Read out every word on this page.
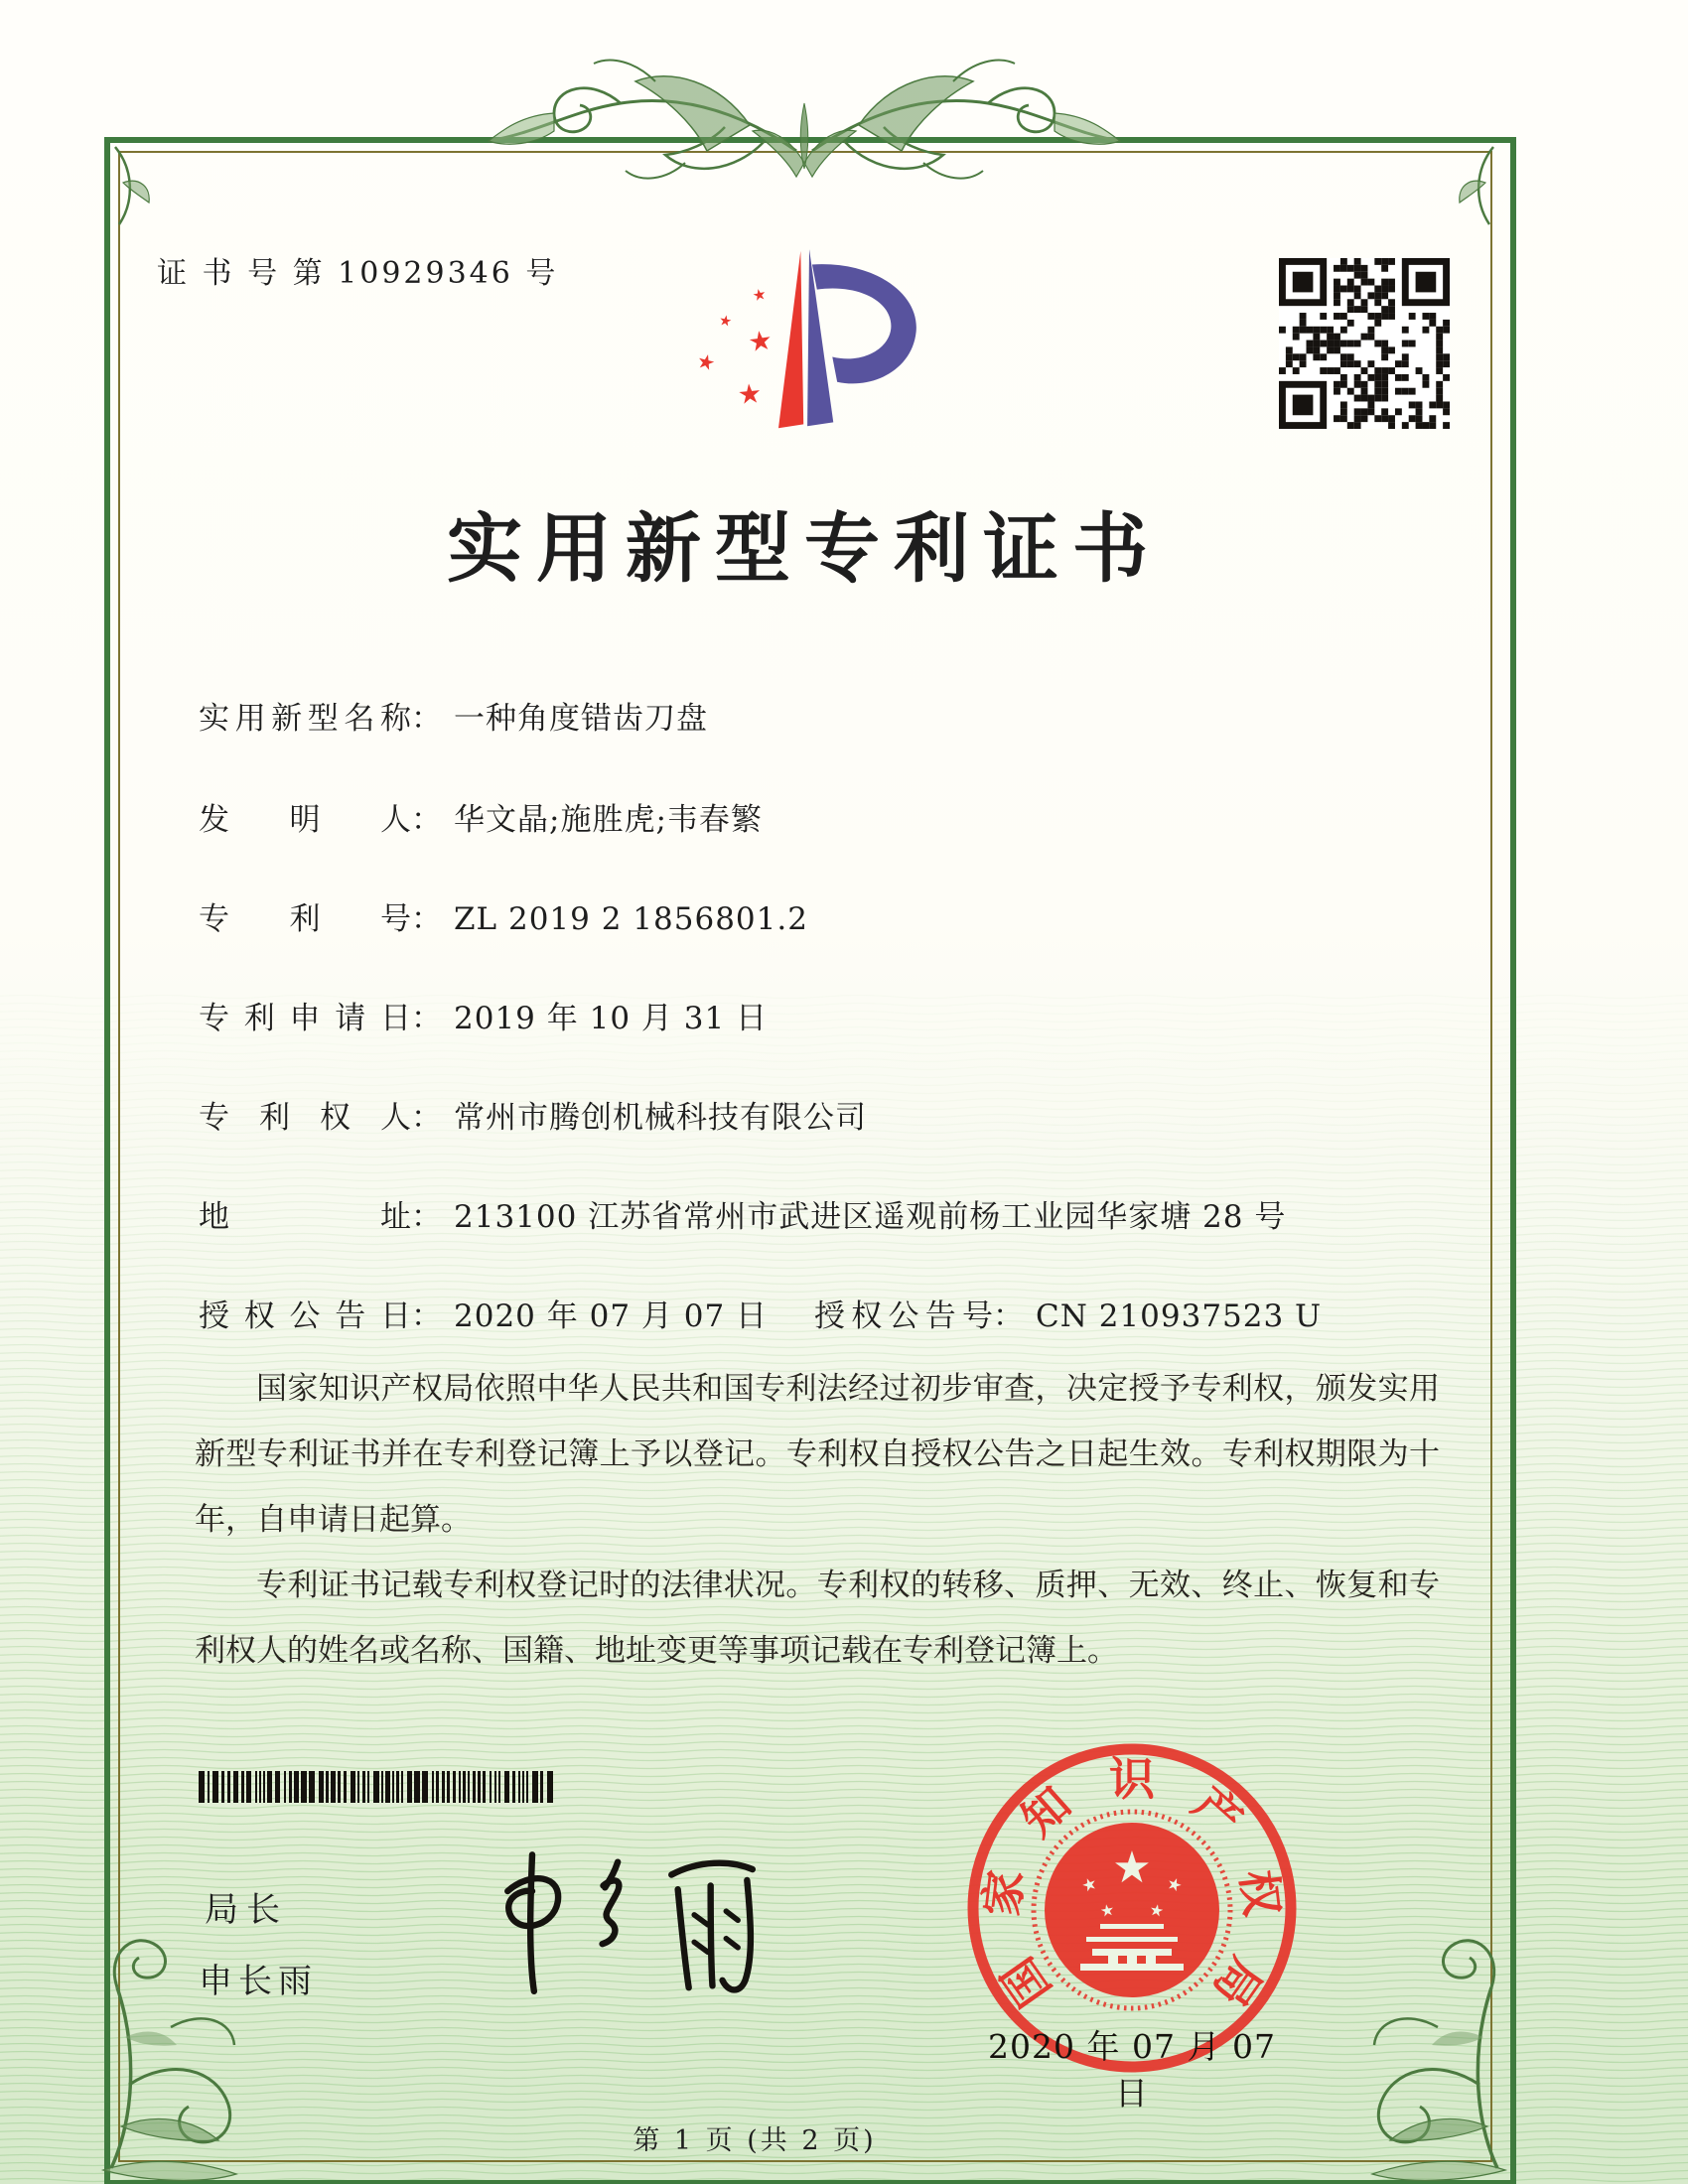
证 书 号 第 10929346 号
★
★
★
★
★
实用新型专利证书
实用新型名称： 一种角度错齿刀盘
发明人： 华文晶;施胜虎;韦春繁
专利号： ZL 2019 2 1856801.2
专利申请日： 2019 年 10 月 31 日
专利权人： 常州市腾创机械科技有限公司
地址： 213100 江苏省常州市武进区遥观前杨工业园华家塘 28 号
授权公告日： 2020 年 07 月 07 日 授权公告号： CN 210937523 U

国家知识产权局依照中华人民共和国专利法经过初步审查，决定授予专利权，颁发实用新型专利证书并在专利登记簿上予以登记。专利权自授权公告之日起生效。专利权期限为十年，自申请日起算。

专利证书记载专利权登记时的法律状况。专利权的转移、质押、无效、终止、恢复和专利权人的姓名或名称、国籍、地址变更等事项记载在专利登记簿上。

局长
申长雨	国
家
知 识 产
权
局
★
★	★
★ ★
2020 年 07 月 07 日
第 1 页 (共 2 页)
